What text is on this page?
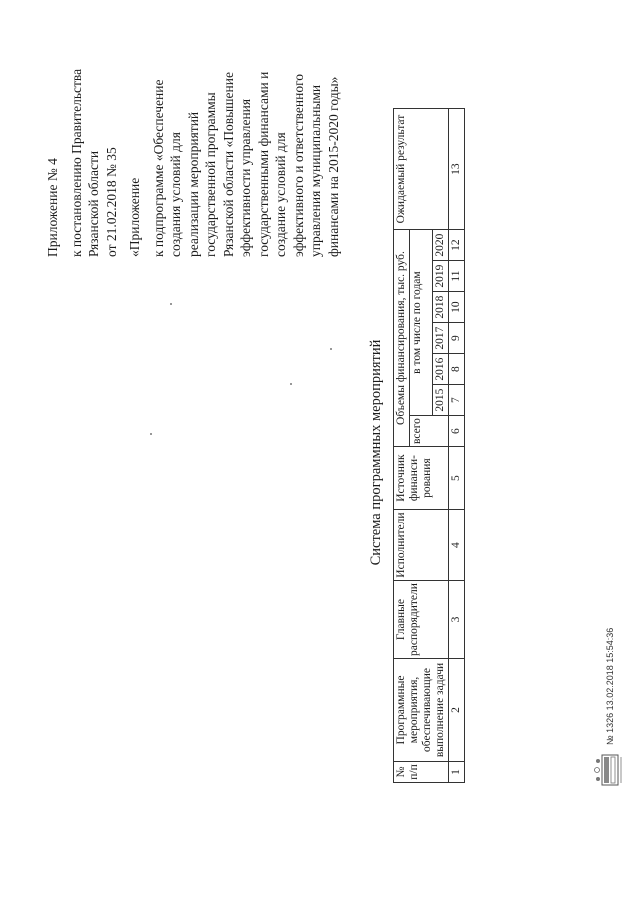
Приложение № 4 к постановлению Правительства Рязанской области от 21.02.2018 № 35 «Приложение к подпрограмме «Обеспечение создания условий для реализации мероприятий государственной программы Рязанской области «Повышение эффективности управления государственными финансами и создание условий для эффективного и ответственного управления муниципальными финансами на 2015-2020 годы»
Система программных мероприятий
№ п/п	Программные мероприятия, обеспечивающие выполнение задачи	Главные распорядители	Исполнители	Источник финанси- рования	Объемы финансирования, тыс. руб.							Ожидаемый результат
					всего	в том числе по годам						
						2015	2016	2017	2018	2019	2020	
1	2	3	4	5	6	7	8	9	10	11	12	13
№ 1326 13.02.2018 15:54:36
